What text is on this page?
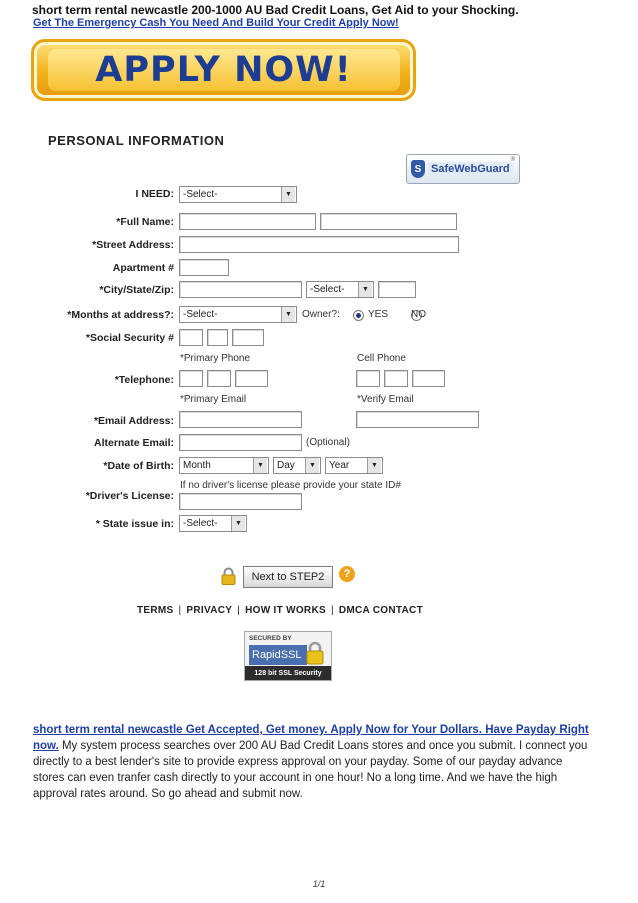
short term rental newcastle 200-1000 AU Bad Credit Loans, Get Aid to your Shocking.
Get The Emergency Cash You Need And Build Your Credit Apply Now!
APPLY NOW!
PERSONAL INFORMATION
S SafeWebGuard
®
I NEED: -Select-	▼
*Full Name:
*Street Address:
Apartment #
*City/State/Zip:	-Select-	▼
*Months at address?: -Select-	▼	Owner?:
	YES NO
*Social Security #
*Primary Phone	Cell Phone
*Telephone:
*Primary Email	*Verify Email
*Email Address:
Alternate Email:	(Optional)
*Date of Birth: Month	▼	Day	▼	Year	▼
If no driver's license please provide your state ID#
*Driver's License:
* State issue in: -Select-	▼
Next to STEP2	?
TERMS | PRIVACY | HOW IT WORKS | DMCA CONTACT
SECURED BY
RapidSSL
128 bit SSL Security
short term rental newcastle Get Accepted, Get money. Apply Now for Your Dollars. Have Payday Right now. My system process searches over 200 AU Bad Credit Loans stores and once you submit. I connect you directly to a best lender's site to provide express approval on your payday. Some of our payday advance stores can even tranfer cash directly to your account in one hour! No a long time. And we have the high approval rates around. So go ahead and submit now.
1/1
